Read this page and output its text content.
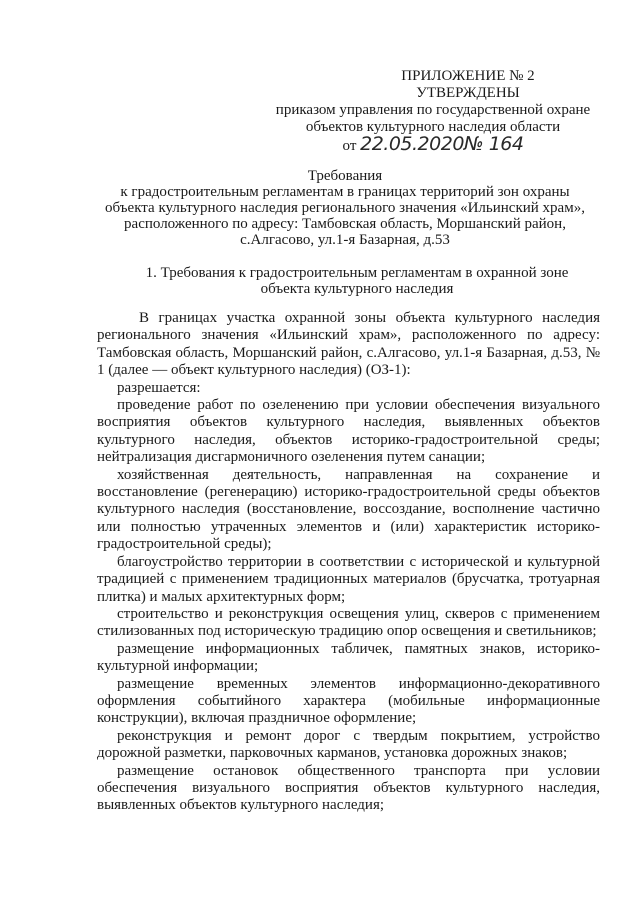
ПРИЛОЖЕНИЕ № 2
УТВЕРЖДЕНЫ
приказом управления по государственной охране
объектов культурного наследия области
от 22.05.2020№ 164
Требования
к градостроительным регламентам в границах территорий зон охраны
объекта культурного наследия регионального значения «Ильинский храм»,
расположенного по адресу: Тамбовская область, Моршанский район,
с.Алгасово, ул.1-я Базарная, д.53
1. Требования к градостроительным регламентам в охранной зоне
объекта культурного наследия

В границах участка охранной зоны объекта культурного наследия регионального значения «Ильинский храм», расположенного по адресу: Тамбовская область, Моршанский район, с.Алгасово, ул.1-я Базарная, д.53, № 1 (далее — объект культурного наследия) (ОЗ-1):

разрешается:

проведение работ по озеленению при условии обеспечения визуального восприятия объектов культурного наследия, выявленных объектов культурного наследия, объектов историко-градостроительной среды; нейтрализация дисгармоничного озеленения путем санации;

хозяйственная деятельность, направленная на сохранение и восстановление (регенерацию) историко-градостроительной среды объектов культурного наследия (восстановление, воссоздание, восполнение частично или полностью утраченных элементов и (или) характеристик историко-градостроительной среды);

благоустройство территории в соответствии с исторической и культурной традицией с применением традиционных материалов (брусчатка, тротуарная плитка) и малых архитектурных форм;

строительство и реконструкция освещения улиц, скверов с применением стилизованных под историческую традицию опор освещения и светильников;

размещение информационных табличек, памятных знаков, историко-культурной информации;

размещение временных элементов информационно-декоративного оформления событийного характера (мобильные информационные конструкции), включая праздничное оформление;

реконструкция и ремонт дорог с твердым покрытием, устройство дорожной разметки, парковочных карманов, установка дорожных знаков;

размещение остановок общественного транспорта при условии обеспечения визуального восприятия объектов культурного наследия, выявленных объектов культурного наследия;
